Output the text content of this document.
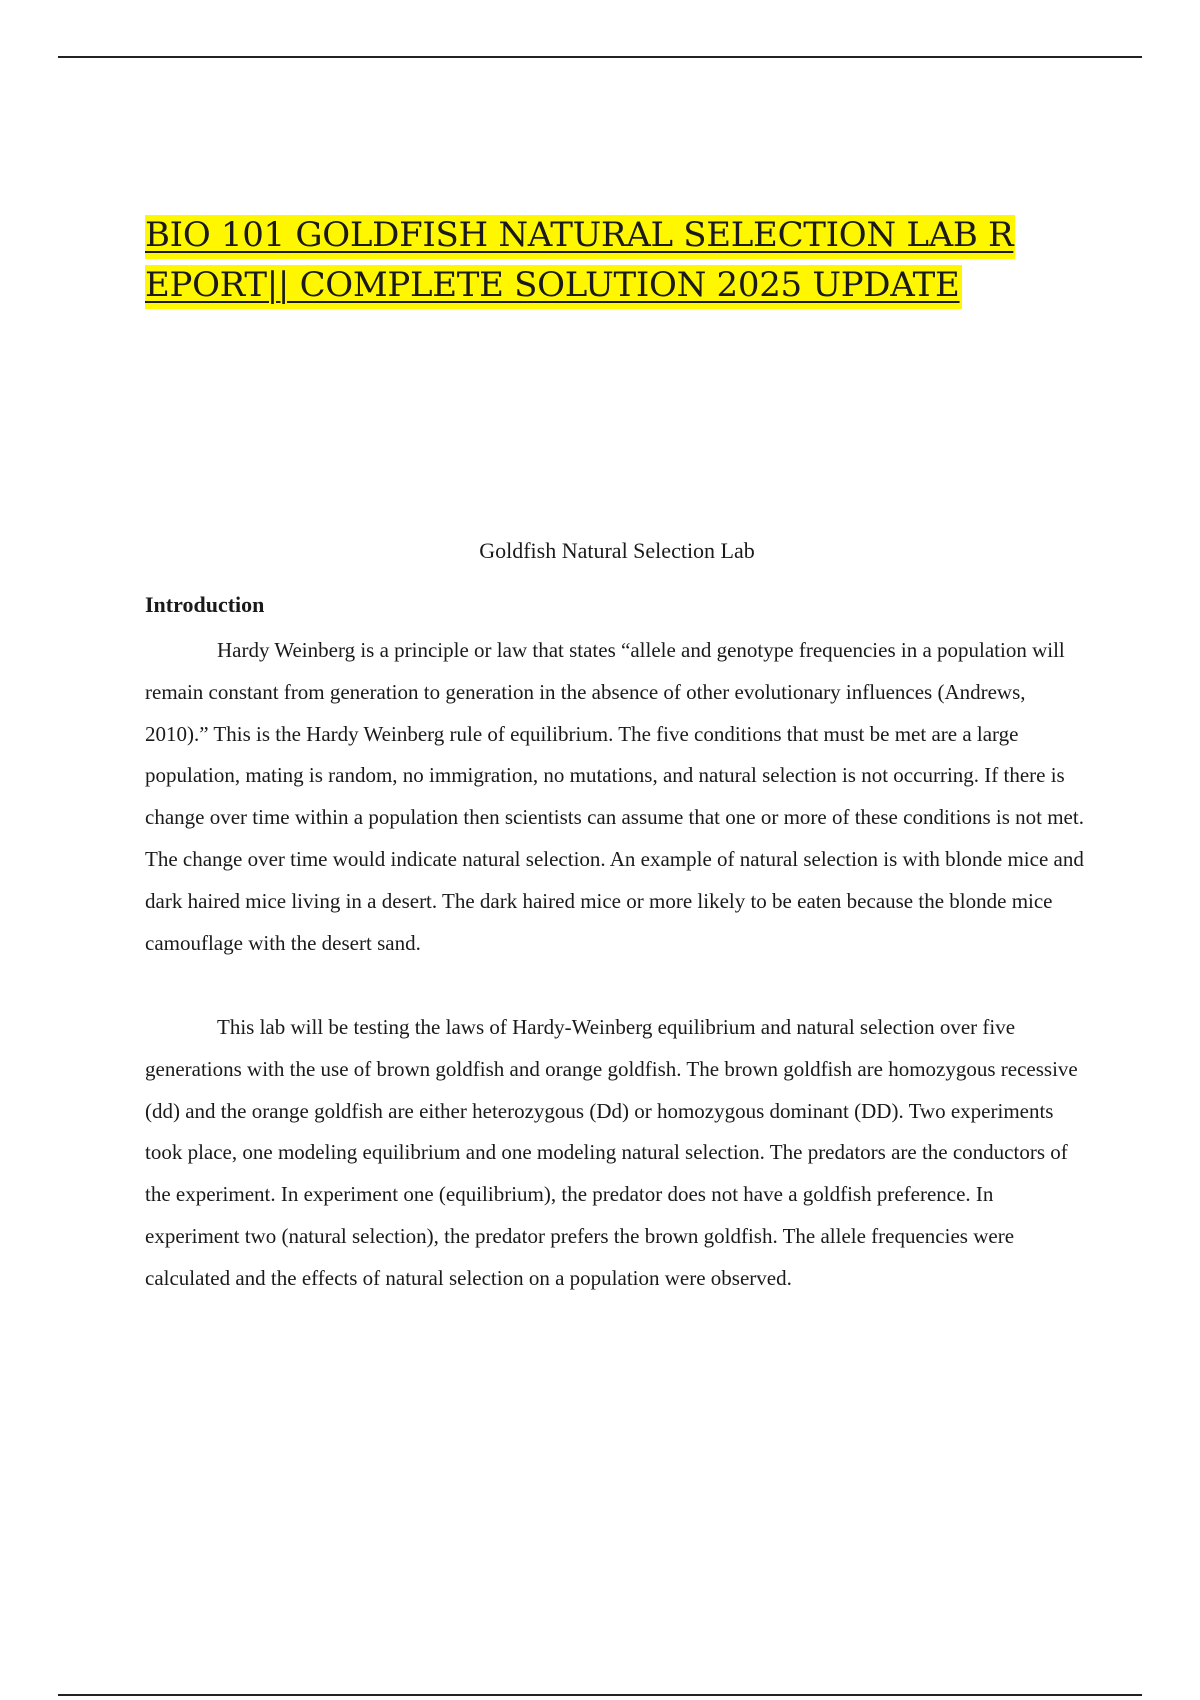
BIO 101 GOLDFISH NATURAL SELECTION LAB R
EPORT|| COMPLETE SOLUTION 2025 UPDATE
Goldfish Natural Selection Lab
Introduction

Hardy Weinberg is a principle or law that states “allele and genotype frequencies in a population will remain constant from generation to generation in the absence of other evolutionary influences (Andrews, 2010).” This is the Hardy Weinberg rule of equilibrium. The five conditions that must be met are a large population, mating is random, no immigration, no mutations, and natural selection is not occurring. If there is change over time within a population then scientists can assume that one or more of these conditions is not met. The change over time would indicate natural selection. An example of natural selection is with blonde mice and dark haired mice living in a desert. The dark haired mice or more likely to be eaten because the blonde mice camouflage with the desert sand.

This lab will be testing the laws of Hardy-Weinberg equilibrium and natural selection over five generations with the use of brown goldfish and orange goldfish. The brown goldfish are homozygous recessive (dd) and the orange goldfish are either heterozygous (Dd) or homozygous dominant (DD). Two experiments took place, one modeling equilibrium and one modeling natural selection. The predators are the conductors of the experiment. In experiment one (equilibrium), the predator does not have a goldfish preference. In experiment two (natural selection), the predator prefers the brown goldfish. The allele frequencies were calculated and the effects of natural selection on a population were observed.
